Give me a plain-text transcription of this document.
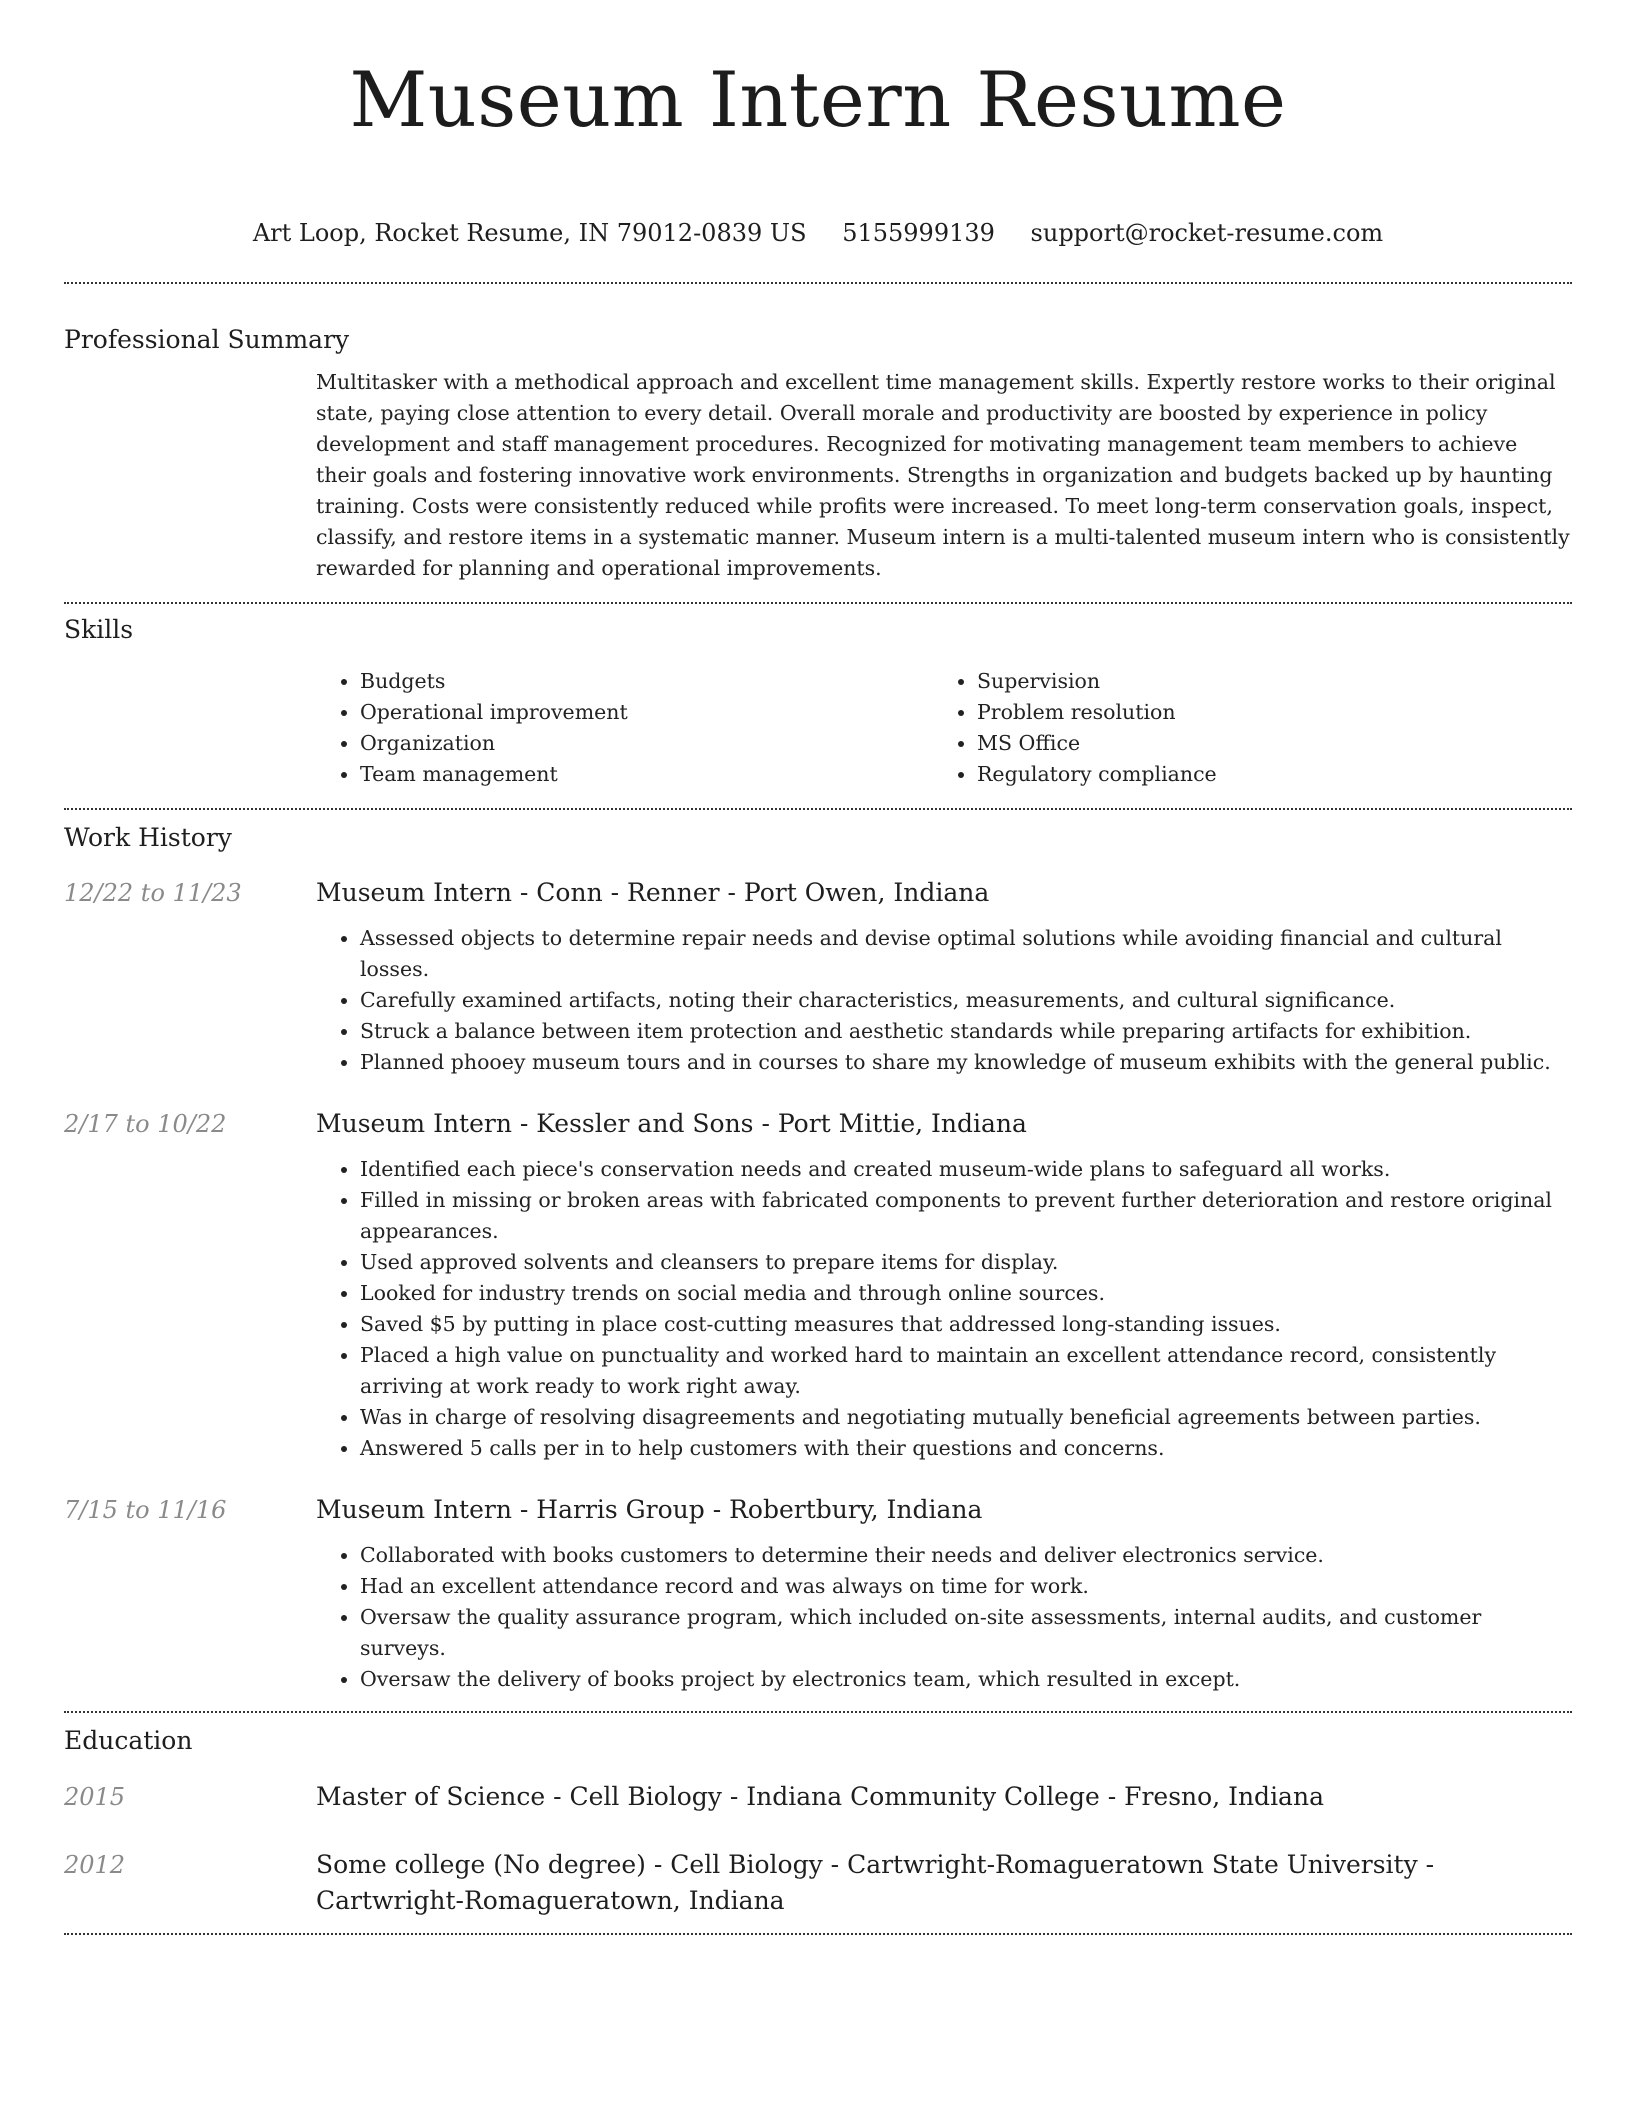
Museum Intern Resume
Art Loop, Rocket Resume, IN 79012-0839 US 5155999139 support@rocket-resume.com
Professional Summary

Multitasker with a methodical approach and excellent time management skills. Expertly restore works to their original state, paying close attention to every detail. Overall morale and productivity are boosted by experience in policy development and staff management procedures. Recognized for motivating management team members to achieve their goals and fostering innovative work environments. Strengths in organization and budgets backed up by haunting training. Costs were consistently reduced while profits were increased. To meet long-term conservation goals, inspect, classify, and restore items in a systematic manner. Museum intern is a multi-talented museum intern who is consistently rewarded for planning and operational improvements.

Skills
• Budgets
• Operational improvement
• Organization
• Team management
• Supervision
• Problem resolution
• MS Office
• Regulatory compliance
Work History
12/22 to 11/23	Museum Intern - Conn - Renner - Port Owen, Indiana
• Assessed objects to determine repair needs and devise optimal solutions while avoiding financial and cultural losses.
• Carefully examined artifacts, noting their characteristics, measurements, and cultural significance.
• Struck a balance between item protection and aesthetic standards while preparing artifacts for exhibition.
• Planned phooey museum tours and in courses to share my knowledge of museum exhibits with the general public.
2/17 to 10/22	Museum Intern - Kessler and Sons - Port Mittie, Indiana
• Identified each piece's conservation needs and created museum-wide plans to safeguard all works.
• Filled in missing or broken areas with fabricated components to prevent further deterioration and restore original appearances.
• Used approved solvents and cleansers to prepare items for display.
• Looked for industry trends on social media and through online sources.
• Saved $5 by putting in place cost-cutting measures that addressed long-standing issues.
• Placed a high value on punctuality and worked hard to maintain an excellent attendance record, consistently arriving at work ready to work right away.
• Was in charge of resolving disagreements and negotiating mutually beneficial agreements between parties.
• Answered 5 calls per in to help customers with their questions and concerns.
7/15 to 11/16	Museum Intern - Harris Group - Robertbury, Indiana
• Collaborated with books customers to determine their needs and deliver electronics service.
• Had an excellent attendance record and was always on time for work.
• Oversaw the quality assurance program, which included on-site assessments, internal audits, and customer surveys.
• Oversaw the delivery of books project by electronics team, which resulted in except.
Education
2015	Master of Science - Cell Biology - Indiana Community College - Fresno, Indiana
2012	Some college (No degree) - Cell Biology - Cartwright-Romagueratown State University - Cartwright-Romagueratown, Indiana
